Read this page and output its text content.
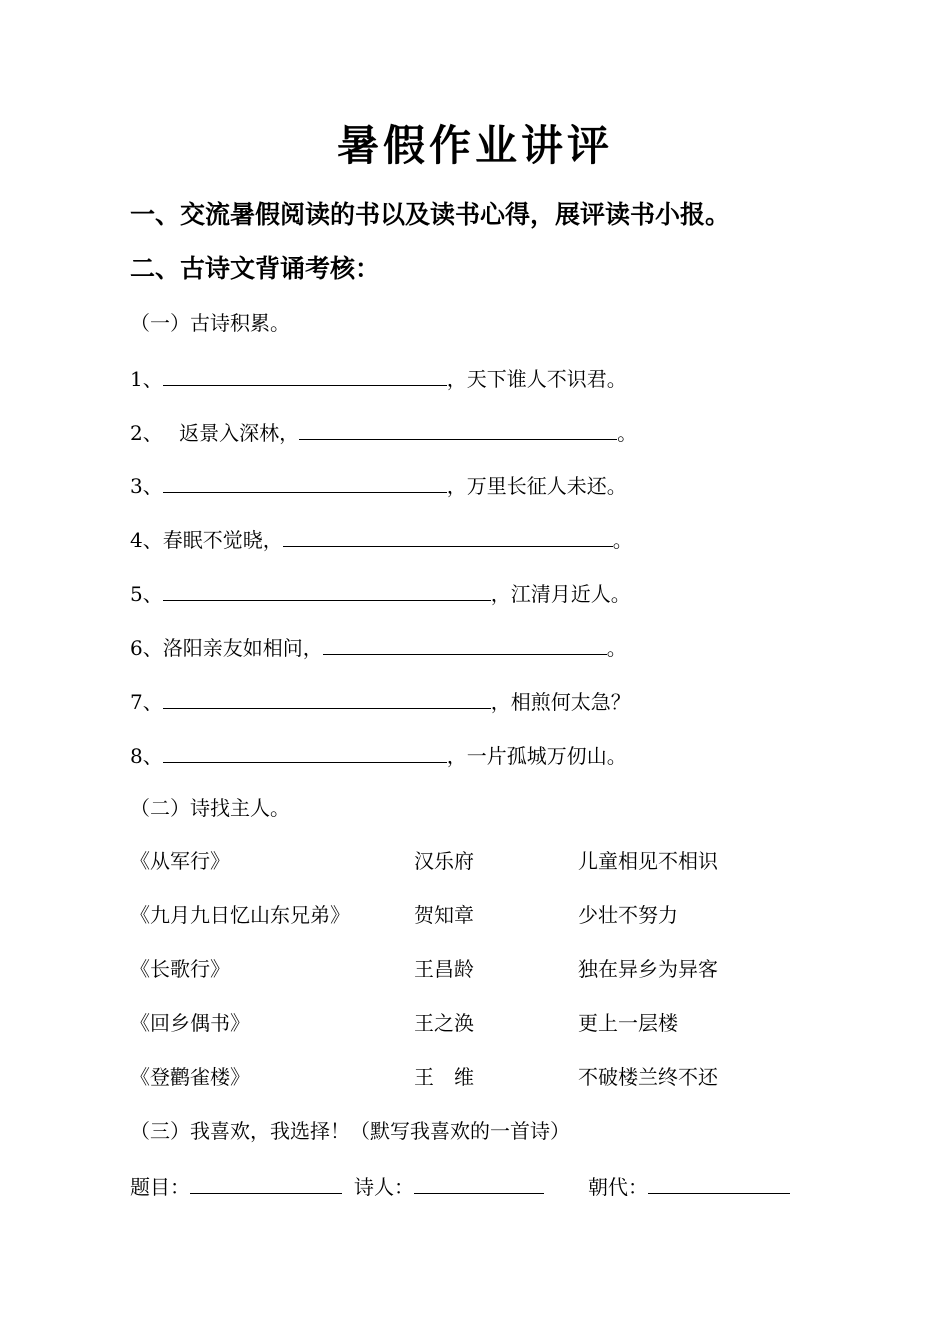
暑假作业讲评
一、交流暑假阅读的书以及读书心得，展评读书小报。
二、古诗文背诵考核：
（一）古诗积累。
1、	，天下谁人不识君。
2、 返景入深林，	。
3、	，万里长征人未还。
4、春眠不觉晓，	。
5、	，江清月近人。
6、洛阳亲友如相问，	。
7、	，相煎何太急？
8、	，一片孤城万仞山。
（二）诗找主人。
《从军行》	汉乐府	儿童相见不相识
《九月九日忆山东兄弟》	贺知章	少壮不努力
《长歌行》	王昌龄	独在异乡为异客
《回乡偶书》	王之涣	更上一层楼
《登鹳雀楼》	王　维	不破楼兰终不还
（三）我喜欢，我选择！（默写我喜欢的一首诗）
题目：	诗人：	朝代：
